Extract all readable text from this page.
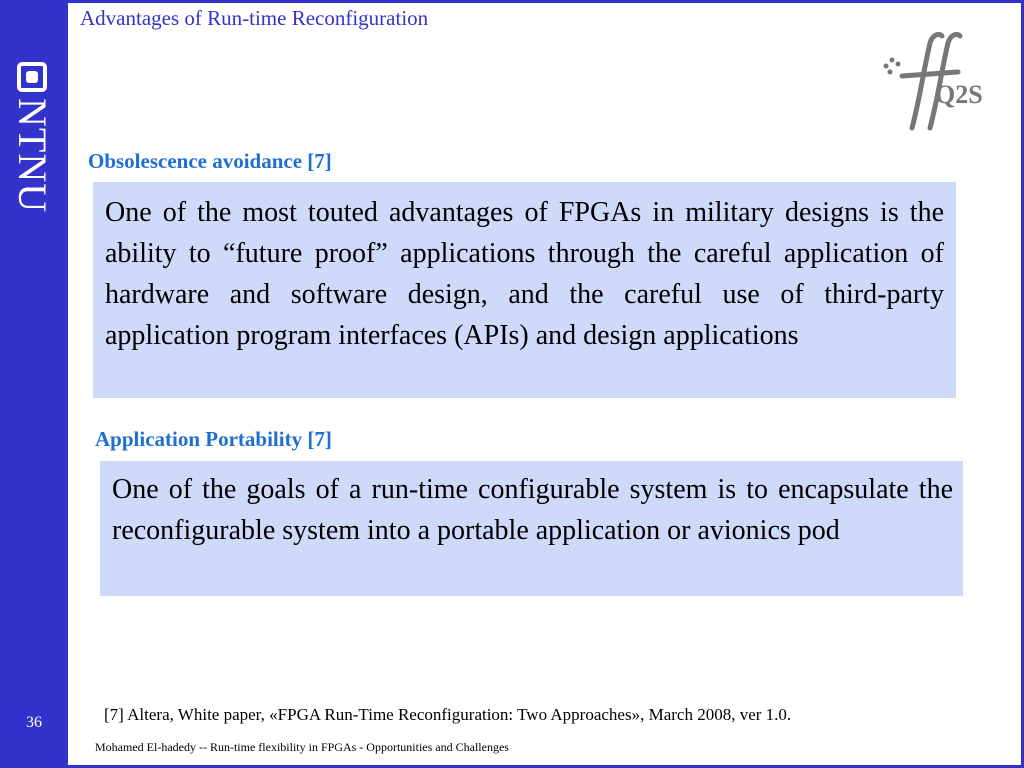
NTNU
36
Advantages of Run-time Reconfiguration
Q2S
Obsolescence avoidance [7]
One of the most touted advantages of FPGAs in military designs is the ability to “future proof” applications through the careful application of hardware and software design, and the careful use of third-party application program interfaces (APIs) and design applications
Application Portability [7]
One of the goals of a run-time configurable system is to encapsulate the reconfigurable system into a portable application or avionics pod
[7] Altera, White paper, «FPGA Run-Time Reconfiguration: Two Approaches», March 2008, ver 1.0.
Mohamed El-hadedy -- Run-time flexibility in FPGAs - Opportunities and Challenges
